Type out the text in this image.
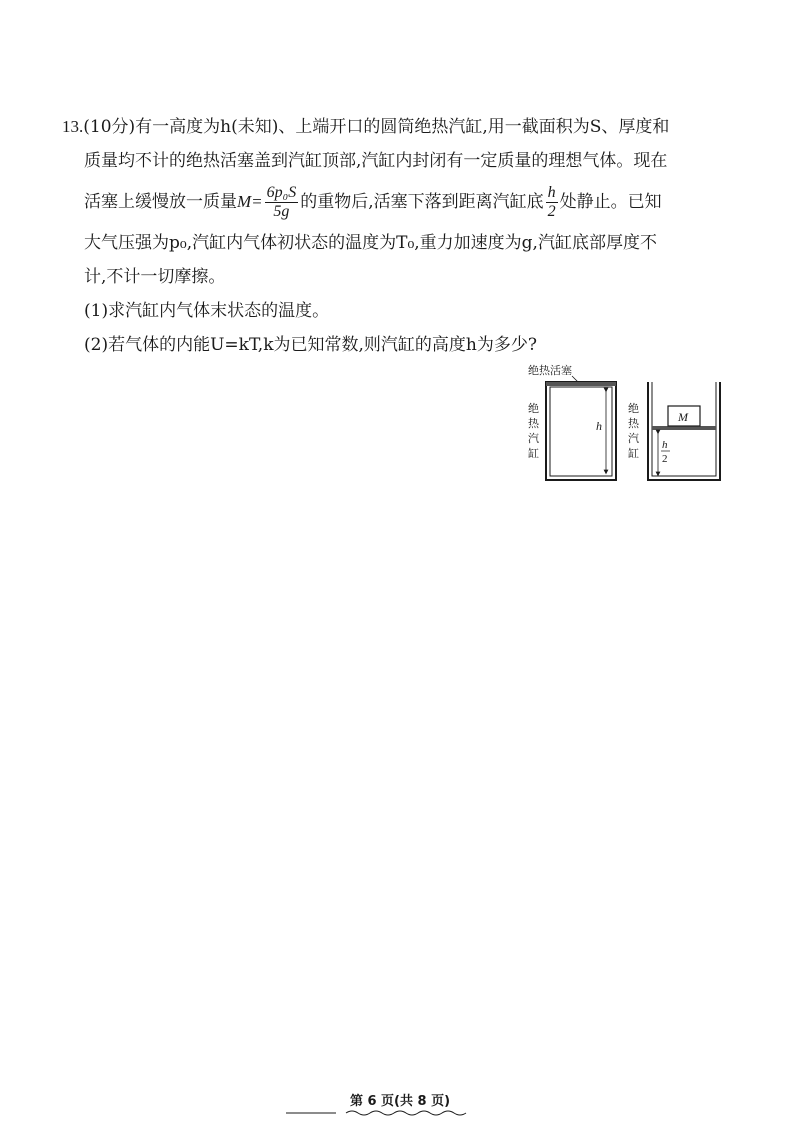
13.(10分)有一高度为h(未知)、上端开口的圆筒绝热汽缸,用一截面积为S、厚度和
质量均不计的绝热活塞盖到汽缸顶部,汽缸内封闭有一定质量的理想气体。现在
活塞上缓慢放一质量$M= \frac{\text{6p₀S}}{5g}$ 的重物后,活塞下落到距离汽缸底 $\frac{h}{2}$ 处静止。已知
大气压强为p₀,汽缸内气体初状态的温度为T₀,重力加速度为g,汽缸底部厚度不
计,不计一切摩擦。
(1)求汽缸内气体末状态的温度。
(2)若气体的内能U=kT,k为已知常数,则汽缸的高度h为多少?
绝热活塞
h
绝
热
汽
缸
绝
热
汽
缸
M
h
2
第 6 页(共 8 页)
